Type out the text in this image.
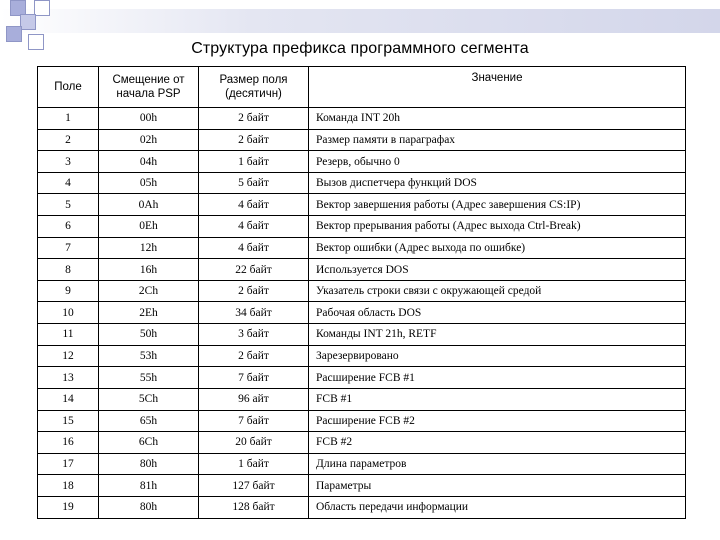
Структура префикса программного сегмента
Поле	Смещение от начала PSP	Размер поля (десятичн)	Значение
1	00h	2 байт	Команда INT 20h
2	02h	2 байт	Размер памяти в параграфах
3	04h	1 байт	Резерв, обычно 0
4	05h	5 байт	Вызов диспетчера функций DOS
5	0Ah	4 байт	Вектор завершения работы (Адрес завершения CS:IP)
6	0Eh	4 байт	Вектор прерывания работы (Адрес выхода Ctrl-Break)
7	12h	4 байт	Вектор ошибки (Адрес выхода по ошибке)
8	16h	22 байт	Используется DOS
9	2Ch	2 байт	Указатель строки связи с окружающей средой
10	2Eh	34 байт	Рабочая область DOS
11	50h	3 байт	Команды INT 21h, RETF
12	53h	2 байт	Зарезервировано
13	55h	7 байт	Расширение FCB #1
14	5Ch	96 айт	FCB #1
15	65h	7 байт	Расширение FCB #2
16	6Ch	20 байт	FCB #2
17	80h	1 байт	Длина параметров
18	81h	127 байт	Параметры
19	80h	128 байт	Область передачи информации
